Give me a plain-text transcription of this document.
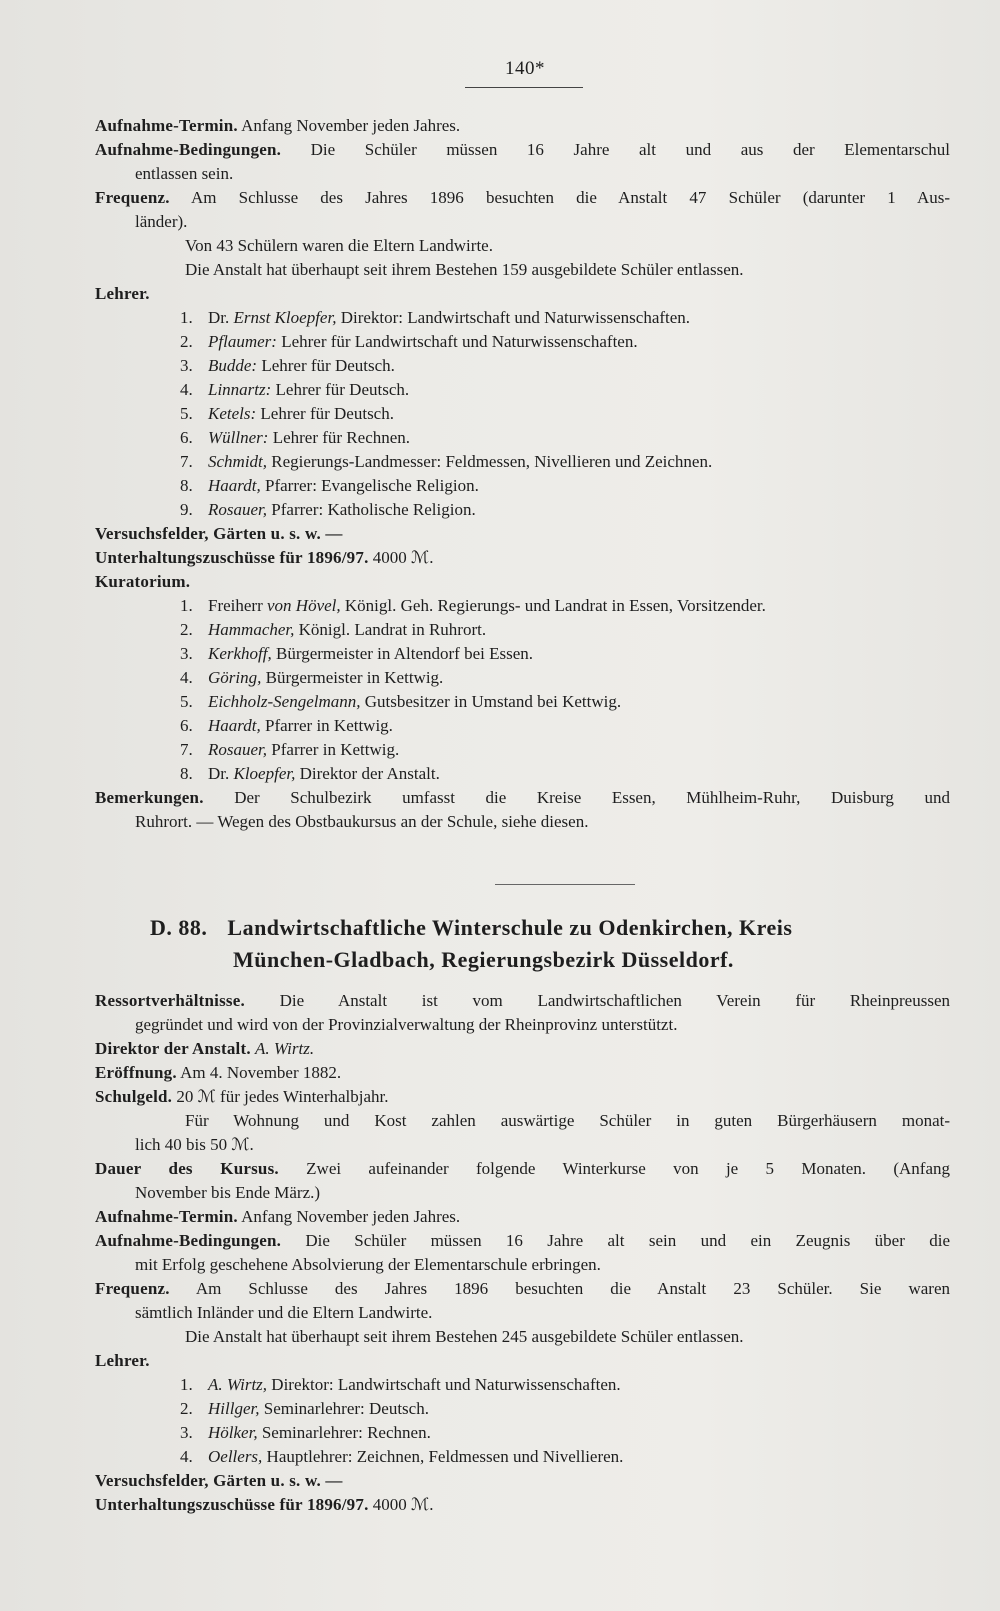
140*
Aufnahme-Termin. Anfang November jeden Jahres.
Aufnahme-Bedingungen. Die Schüler müssen 16 Jahre alt und aus der Elementarschul
entlassen sein.
Frequenz. Am Schlusse des Jahres 1896 besuchten die Anstalt 47 Schüler (darunter 1 Aus-
länder).
Von 43 Schülern waren die Eltern Landwirte.
Die Anstalt hat überhaupt seit ihrem Bestehen 159 ausgebildete Schüler entlassen.
Lehrer.
1. Dr. Ernst Kloepfer, Direktor: Landwirtschaft und Naturwissenschaften.
2. Pflaumer: Lehrer für Landwirtschaft und Naturwissenschaften.
3. Budde: Lehrer für Deutsch.
4. Linnartz: Lehrer für Deutsch.
5. Ketels: Lehrer für Deutsch.
6. Wüllner: Lehrer für Rechnen.
7. Schmidt, Regierungs-Landmesser: Feldmessen, Nivellieren und Zeichnen.
8. Haardt, Pfarrer: Evangelische Religion.
9. Rosauer, Pfarrer: Katholische Religion.
Versuchsfelder, Gärten u. s. w. —
Unterhaltungszuschüsse für 1896/97. 4000 ℳ.
Kuratorium.
1. Freiherr von Hövel, Königl. Geh. Regierungs- und Landrat in Essen, Vorsitzender.
2. Hammacher, Königl. Landrat in Ruhrort.
3. Kerkhoff, Bürgermeister in Altendorf bei Essen.
4. Göring, Bürgermeister in Kettwig.
5. Eichholz-Sengelmann, Gutsbesitzer in Umstand bei Kettwig.
6. Haardt, Pfarrer in Kettwig.
7. Rosauer, Pfarrer in Kettwig.
8. Dr. Kloepfer, Direktor der Anstalt.
Bemerkungen. Der Schulbezirk umfasst die Kreise Essen, Mühlheim-Ruhr, Duisburg und
Ruhrort. — Wegen des Obstbaukursus an der Schule, siehe diesen.
D. 88. Landwirtschaftliche Winterschule zu Odenkirchen, Kreis
München-Gladbach, Regierungsbezirk Düsseldorf.
Ressortverhältnisse. Die Anstalt ist vom Landwirtschaftlichen Verein für Rheinpreussen
gegründet und wird von der Provinzialverwaltung der Rheinprovinz unterstützt.
Direktor der Anstalt. A. Wirtz.
Eröffnung. Am 4. November 1882.
Schulgeld. 20 ℳ für jedes Winterhalbjahr.
Für Wohnung und Kost zahlen auswärtige Schüler in guten Bürgerhäusern monat-
lich 40 bis 50 ℳ.
Dauer des Kursus. Zwei aufeinander folgende Winterkurse von je 5 Monaten. (Anfang
November bis Ende März.)
Aufnahme-Termin. Anfang November jeden Jahres.
Aufnahme-Bedingungen. Die Schüler müssen 16 Jahre alt sein und ein Zeugnis über die
mit Erfolg geschehene Absolvierung der Elementarschule erbringen.
Frequenz. Am Schlusse des Jahres 1896 besuchten die Anstalt 23 Schüler. Sie waren
sämtlich Inländer und die Eltern Landwirte.
Die Anstalt hat überhaupt seit ihrem Bestehen 245 ausgebildete Schüler entlassen.
Lehrer.
1. A. Wirtz, Direktor: Landwirtschaft und Naturwissenschaften.
2. Hillger, Seminarlehrer: Deutsch.
3. Hölker, Seminarlehrer: Rechnen.
4. Oellers, Hauptlehrer: Zeichnen, Feldmessen und Nivellieren.
Versuchsfelder, Gärten u. s. w. —
Unterhaltungszuschüsse für 1896/97. 4000 ℳ.
